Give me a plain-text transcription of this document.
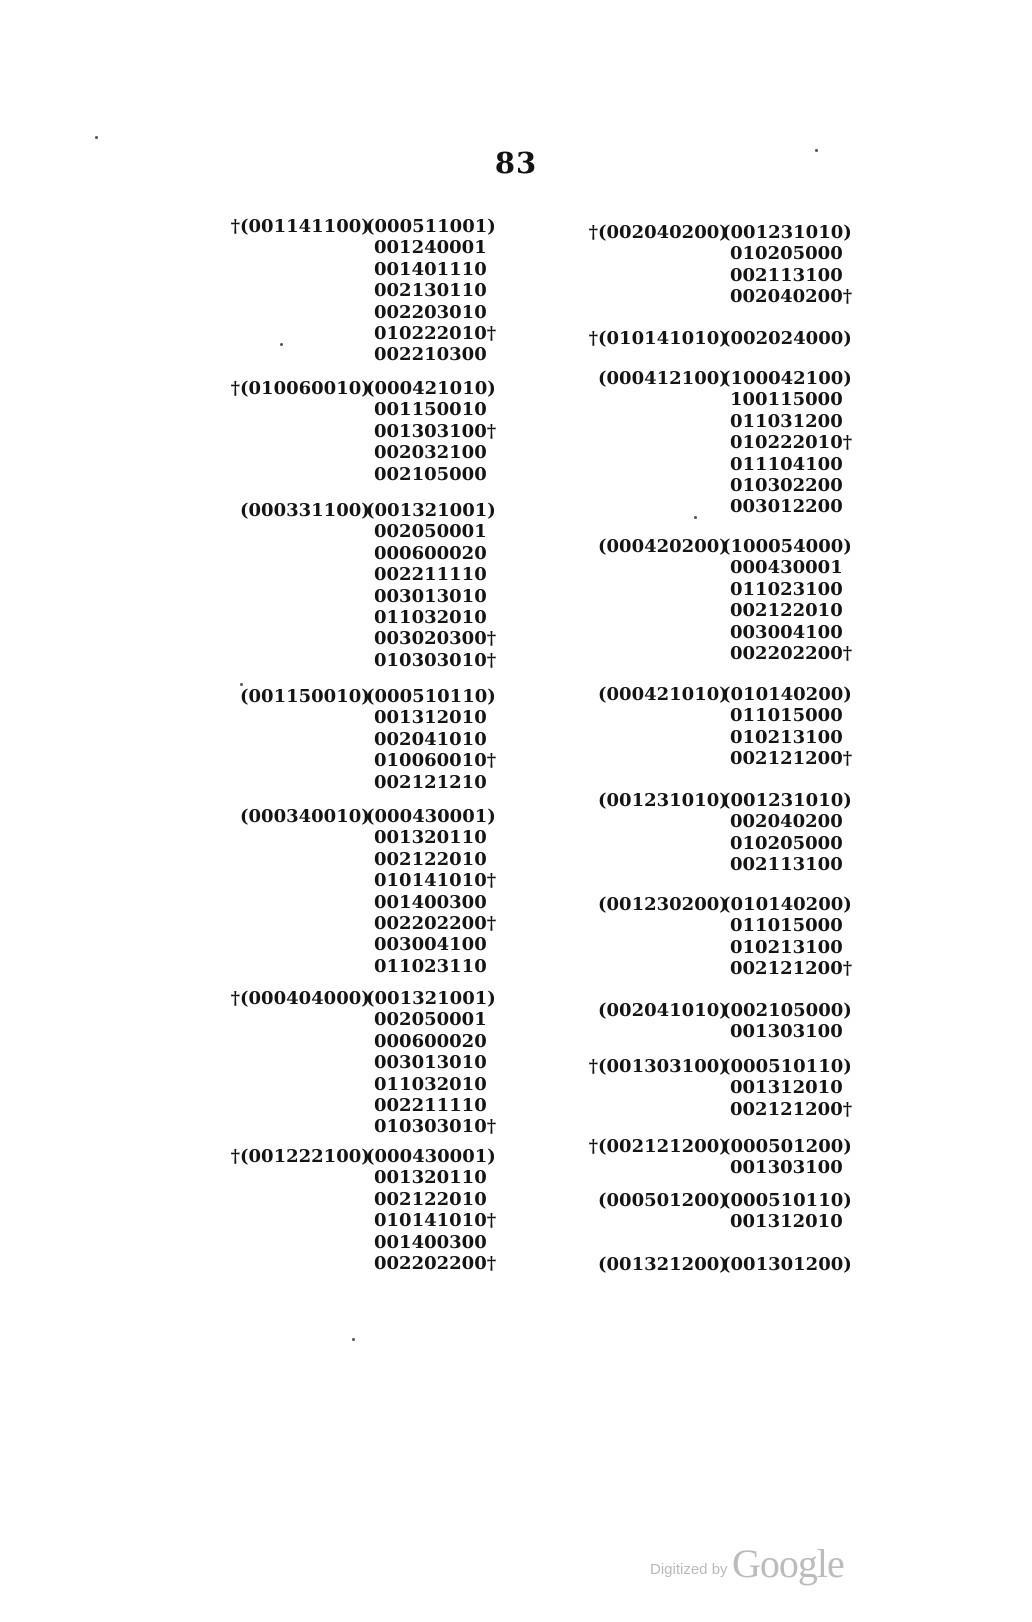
83
†(001141100)
(000511001)
001240001
001401110
002130110
002203010
010222010†
002210300
†(010060010)
(000421010)
001150010
001303100†
002032100
002105000
(000331100)
(001321001)
002050001
000600020
002211110
003013010
011032010
003020300†
010303010†
(001150010)
(000510110)
001312010
002041010
010060010†
002121210
(000340010)
(000430001)
001320110
002122010
010141010†
001400300
002202200†
003004100
011023110
†(000404000)
(001321001)
002050001
000600020
003013010
011032010
002211110
010303010†
†(001222100)
(000430001)
001320110
002122010
010141010†
001400300
002202200†
†(002040200)
(001231010)
010205000
002113100
002040200†
†(010141010)
(002024000)
(000412100)
(100042100)
100115000
011031200
010222010†
011104100
010302200
003012200
(000420200)
(100054000)
000430001
011023100
002122010
003004100
002202200†
(000421010)
(010140200)
011015000
010213100
002121200†
(001231010)
(001231010)
002040200
010205000
002113100
(001230200)
(010140200)
011015000
010213100
002121200†
(002041010)
(002105000)
001303100
†(001303100)
(000510110)
001312010
002121200†
†(002121200)
(000501200)
001303100
(000501200)
(000510110)
001312010
(001321200)
(001301200)
Digitized by Google
